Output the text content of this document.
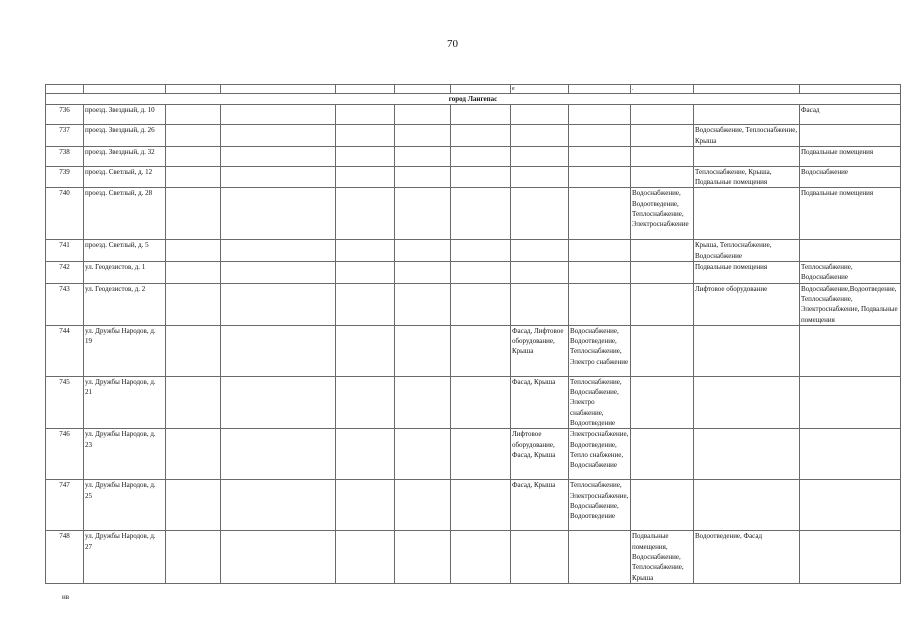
70
							е		.		
город Лангепас											
736	проезд. Звездный, д. 10										Фасад
737	проезд. Звездный, д. 26									Водоснабжение, Теплоснабжение, Крыша	
738	проезд. Звездный, д. 32										Подвальные помещения
739	проезд. Светлый, д. 12									Теплоснабжение, Крыша, Подвальные помещения	Водоснабжение
740	проезд. Светлый, д. 28								Водоснабжение, Водоотведение, Теплоснабжение, Электроснабжение		Подвальные помещения
741	проезд. Светлый, д. 5									Крыша, Теплоснабжение, Водоснабжение	
742	ул. Геодезистов, д. 1									Подвальные помещения	Теплоснабжение, Водоснабжение
743	ул. Геодезистов, д. 2									Лифтовое оборудование	Водоснабжение,Водоотведение, Теплоснабжение, Электроснабжение, Подвальные помещения
744	ул. Дружбы Народов, д. 19						Фасад, Лифтовое оборудование, Крыша	Водоснабжение, Водоотведение, Теплоснабжение, Электро снабжение			
745	ул. Дружбы Народов, д. 21						Фасад, Крыша	Теплоснабжение, Водоснабжение, Электро снабжение, Водоотведение			
746	ул. Дружбы Народов, д. 23						Лифтовое оборудование, Фасад, Крыша	Электроснабжение, Водоотведение, Тепло снабжение, Водоснабжение			
747	ул. Дружбы Народов, д. 25						Фасад, Крыша	Теплоснабжение, Электроснабжение, Водоснабжение, Водоотведение			
748	ул. Дружбы Народов, д. 27								Подвальные помещения, Водоснабжение, Теплоснабжение, Крыша	Водоотведение, Фасад	
нв
